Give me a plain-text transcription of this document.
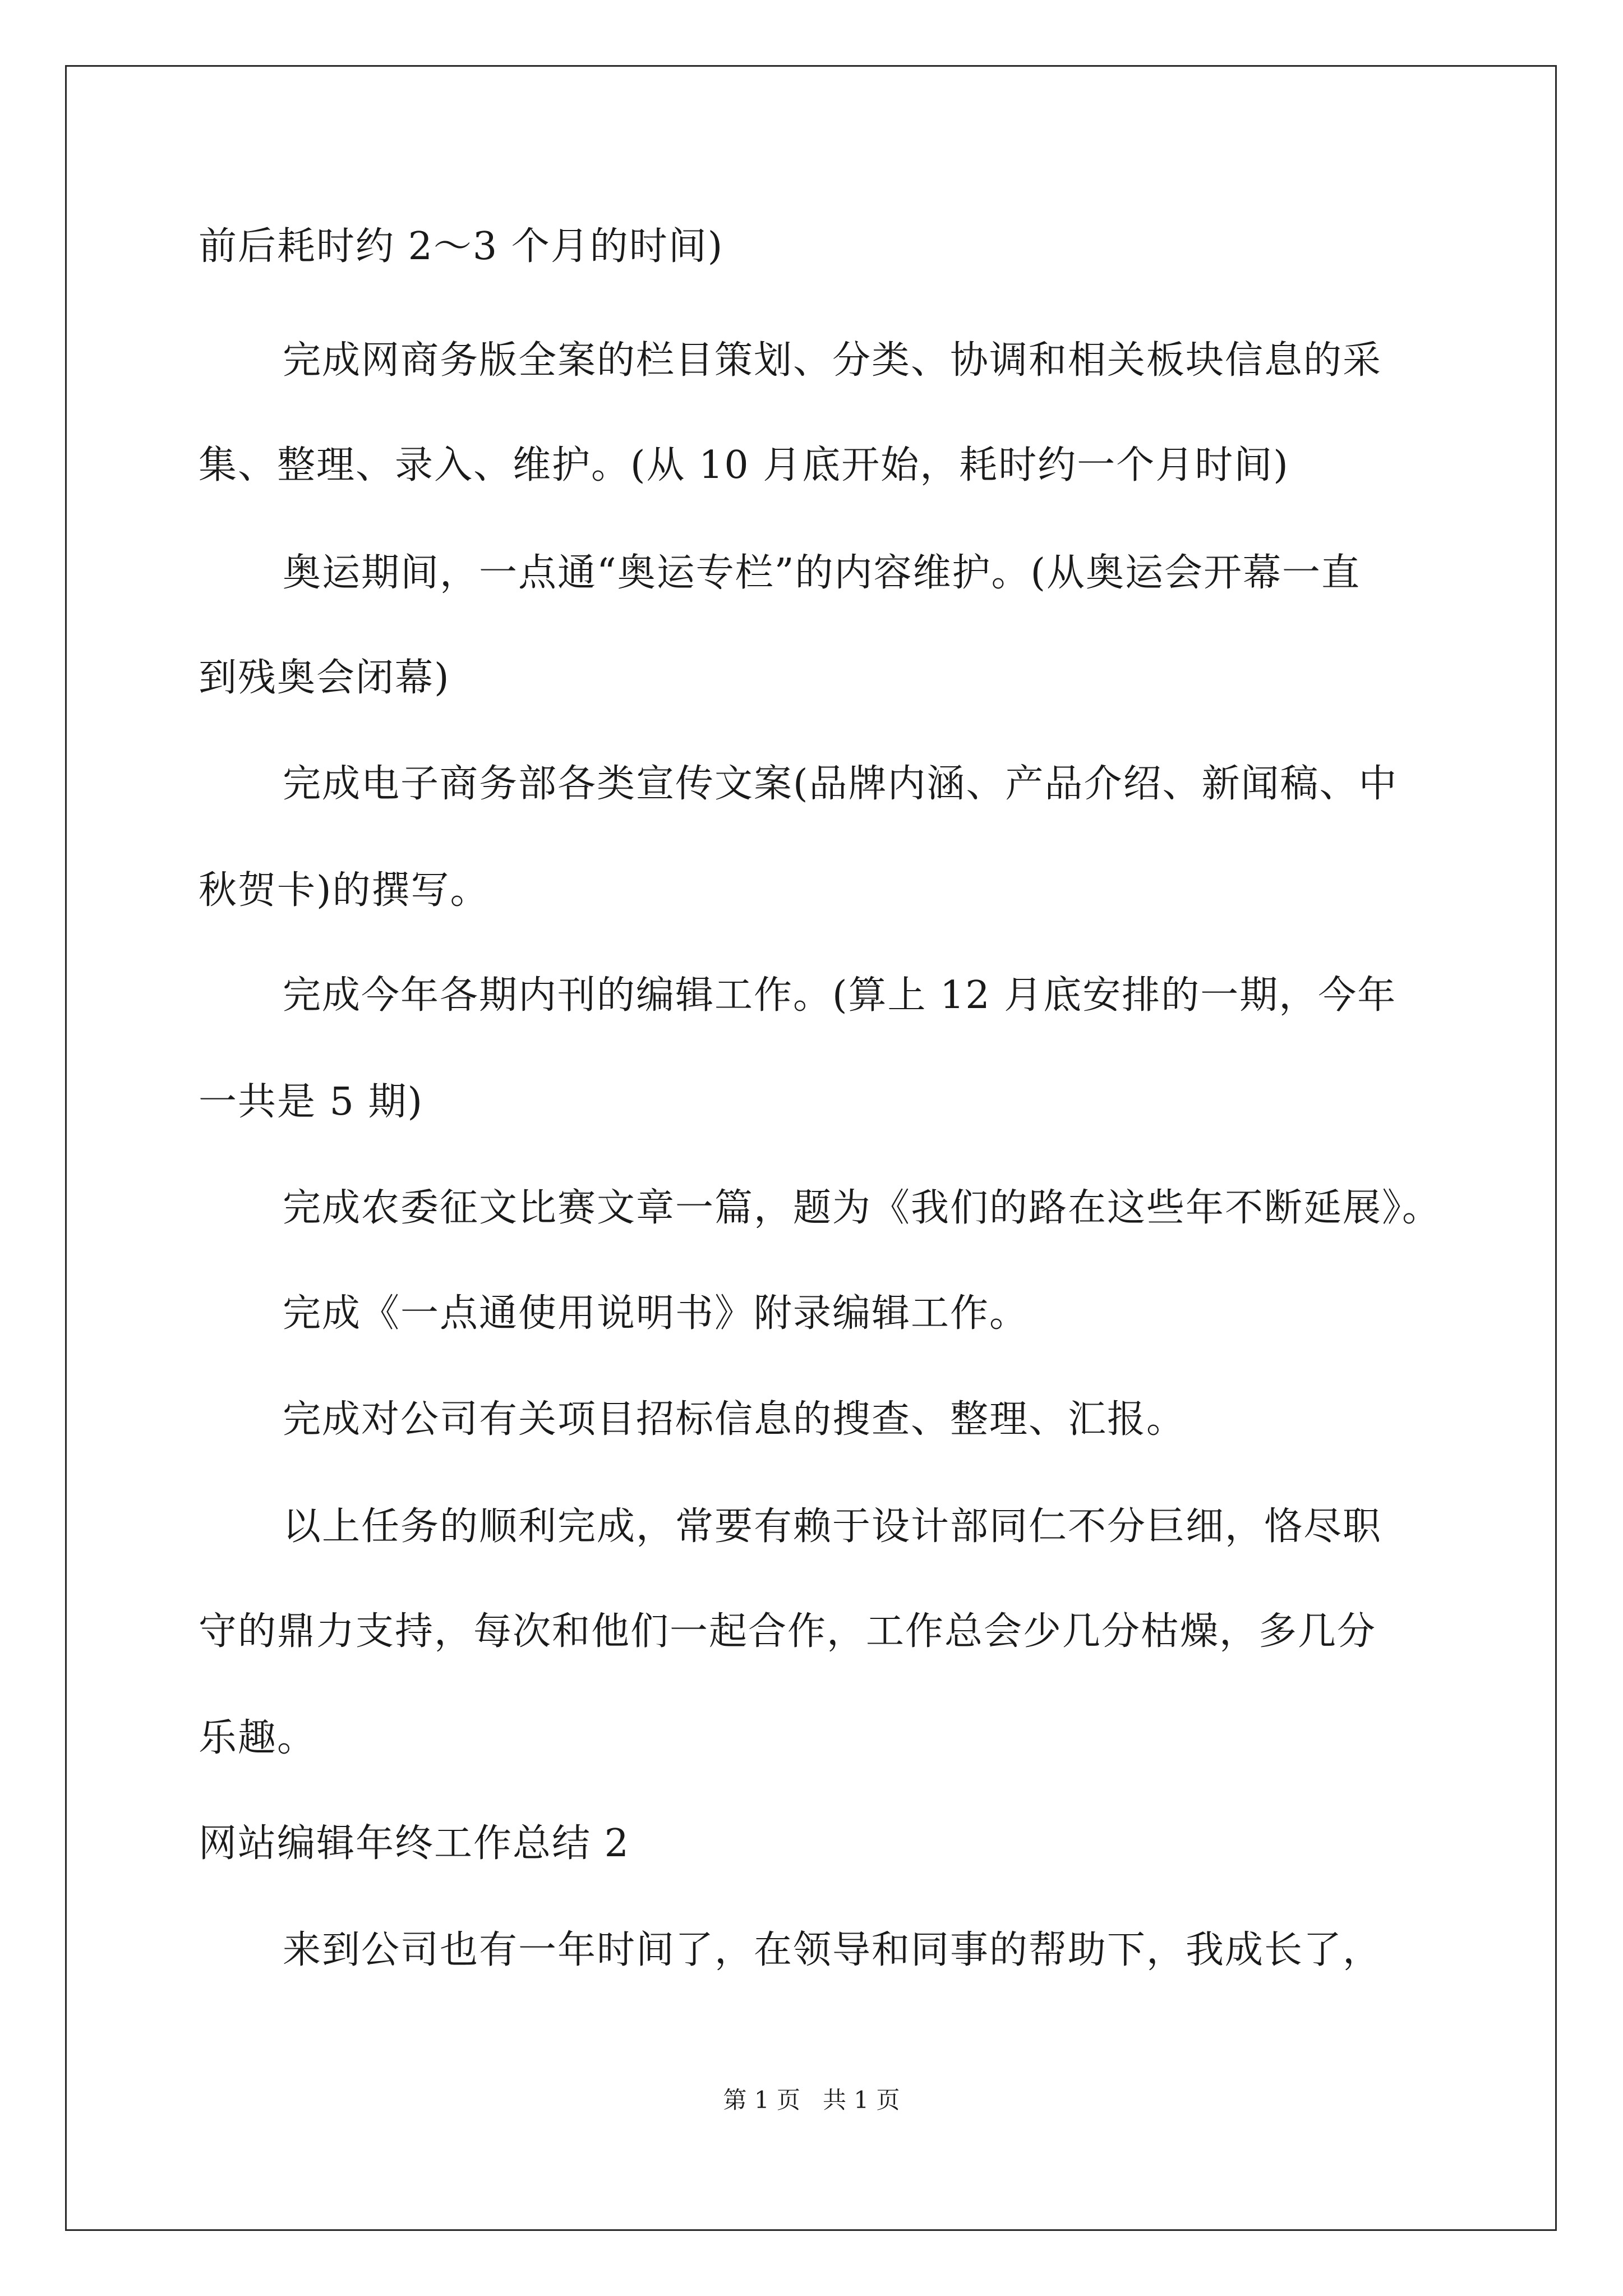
前后耗时约 2～3 个月的时间)
完成网商务版全案的栏目策划、分类、协调和相关板块信息的采
集、整理、录入、维护。(从 10 月底开始，耗时约一个月时间)
奥运期间，一点通“奥运专栏”的内容维护。(从奥运会开幕一直
到残奥会闭幕)
完成电子商务部各类宣传文案(品牌内涵、产品介绍、新闻稿、中
秋贺卡)的撰写。
完成今年各期内刊的编辑工作。(算上 12 月底安排的一期，今年
一共是 5 期)
完成农委征文比赛文章一篇，题为《我们的路在这些年不断延展》。
完成《一点通使用说明书》附录编辑工作。
完成对公司有关项目招标信息的搜查、整理、汇报。
以上任务的顺利完成，常要有赖于设计部同仁不分巨细，恪尽职
守的鼎力支持，每次和他们一起合作，工作总会少几分枯燥，多几分
乐趣。
网站编辑年终工作总结 2
来到公司也有一年时间了，在领导和同事的帮助下，我成长了，
第 1 页   共 1 页
